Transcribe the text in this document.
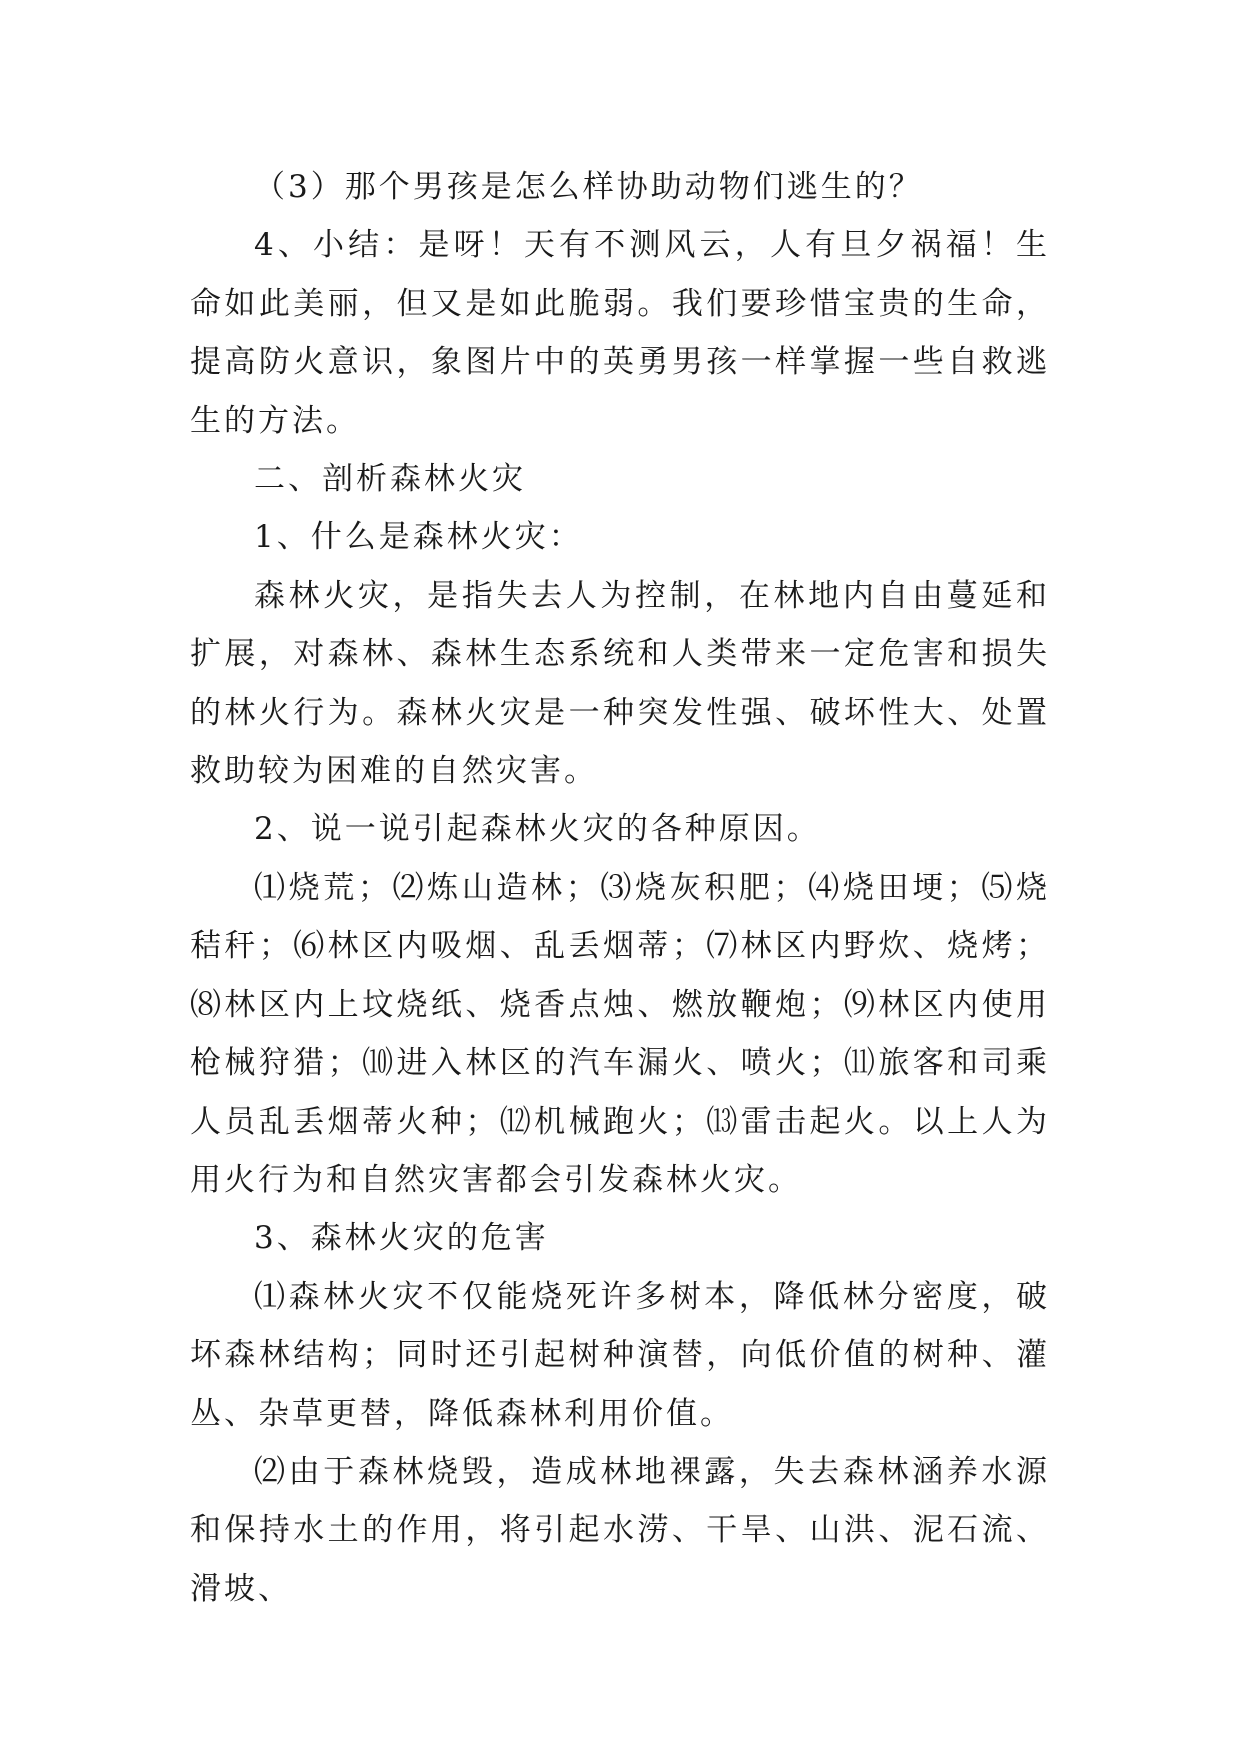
（3）那个男孩是怎么样协助动物们逃生的？

4、小结：是呀！天有不测风云，人有旦夕祸福！生命如此美丽，但又是如此脆弱。我们要珍惜宝贵的生命，提高防火意识，象图片中的英勇男孩一样掌握一些自救逃生的方法。

二、剖析森林火灾

1、什么是森林火灾：

森林火灾，是指失去人为控制，在林地内自由蔓延和扩展，对森林、森林生态系统和人类带来一定危害和损失的林火行为。森林火灾是一种突发性强、破坏性大、处置救助较为困难的自然灾害。

2、说一说引起森林火灾的各种原因。

⑴烧荒；⑵炼山造林；⑶烧灰积肥；⑷烧田埂；⑸烧秸秆；⑹林区内吸烟、乱丢烟蒂；⑺林区内野炊、烧烤； ⑻林区内上坟烧纸、烧香点烛、燃放鞭炮；⑼林区内使用枪械狩猎；⑽进入林区的汽车漏火、喷火；⑾旅客和司乘人员乱丢烟蒂火种；⑿机械跑火；⒀雷击起火。以上人为用火行为和自然灾害都会引发森林火灾。

3、森林火灾的危害

⑴森林火灾不仅能烧死许多树本，降低林分密度，破坏森林结构；同时还引起树种演替，向低价值的树种、灌丛、杂草更替，降低森林利用价值。

⑵由于森林烧毁，造成林地裸露，失去森林涵养水源和保持水土的作用，将引起水涝、干旱、山洪、泥石流、滑坡、
